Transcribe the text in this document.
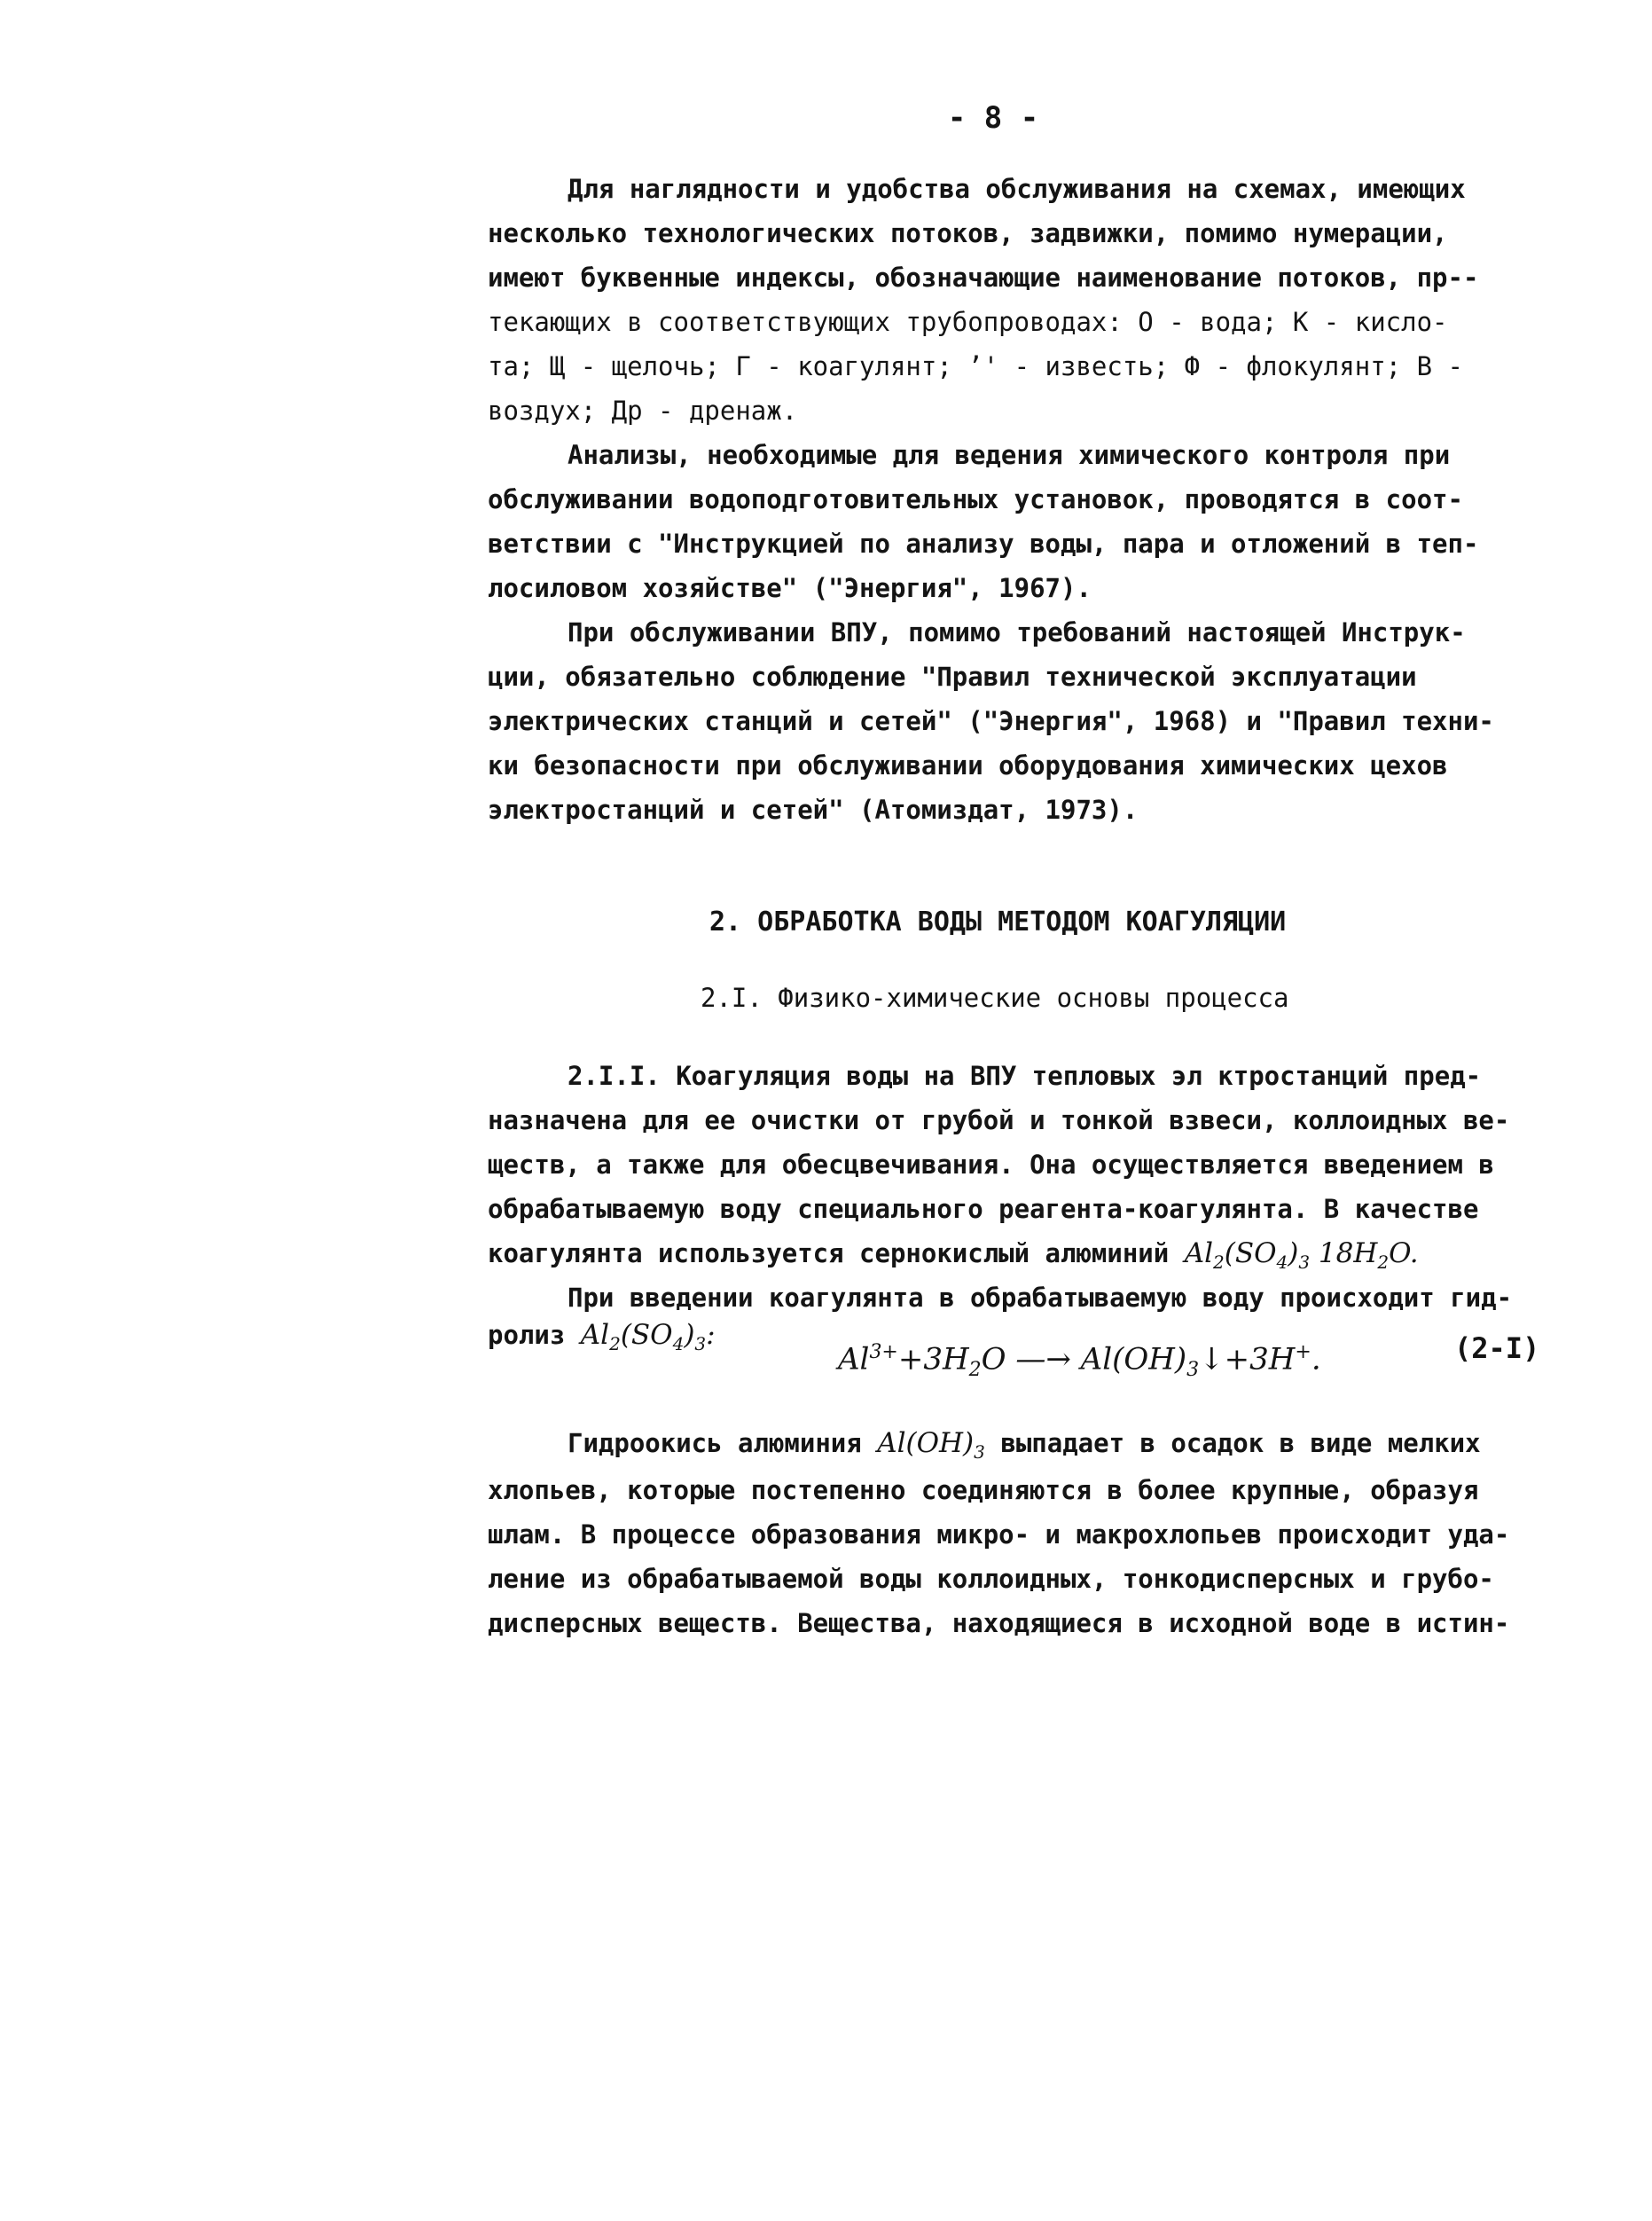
- 8 -
Для наглядности и удобства обслуживания на схемах, имеющих
несколько технологических потоков, задвижки, помимо нумерации,
имеют буквенные индексы, обозначающие наименование потоков, пр‐-
текающих в соответствующих трубопроводах: О - вода; К - кисло-
та; Щ - щелочь; Г - коагулянт; ’' - известь; Ф - флокулянт; В -
воздух; Др - дренаж.
Анализы, необходимые для ведения химического контроля при
обслуживании водоподготовительных установок, проводятся в соот-
ветствии с "Инструкцией по анализу воды, пара и отложений в теп-
лосиловом хозяйстве" ("Энергия", 1967).
При обслуживании ВПУ, помимо требований настоящей Инструк-
ции, обязательно соблюдение "Правил технической эксплуатации
электрических станций и сетей" ("Энергия", 1968) и "Правил техни-
ки безопасности при обслуживании оборудования химических цехов
электростанций и сетей" (Атомиздат, 1973).
2. ОБРАБОТКА ВОДЫ МЕТОДОМ КОАГУЛЯЦИИ
2.I. Физико-химические основы процесса
2.I.I. Коагуляция воды на ВПУ тепловых эл ктростанций пред-
назначена для ее очистки от грубой и тонкой взвеси, коллоидных ве-
ществ, а также для обесцвечивания. Она осуществляется введением в
обрабатываемую воду специального реагента-коагулянта. В качестве
коагулянта используется сернокислый алюминий $Al_2(SO_4)_3$ $18H_2O$.
При введении коагулянта в обрабатываемую воду происходит гид-
ролиз $Al_2(SO_4)_3$:
$Al^{3+}+3H_2O$ —→ $Al(OH)_3↓+3H^+$.	(2-I)
Гидроокись алюминия $Al(OH)_3$ выпадает в осадок в виде мелких
хлопьев, которые постепенно соединяются в более крупные, образуя
шлам. В процессе образования микро- и макрохлопьев происходит уда-
ление из обрабатываемой воды коллоидных, тонкодисперсных и грубо-
дисперсных веществ. Вещества, находящиеся в исходной воде в истин-
